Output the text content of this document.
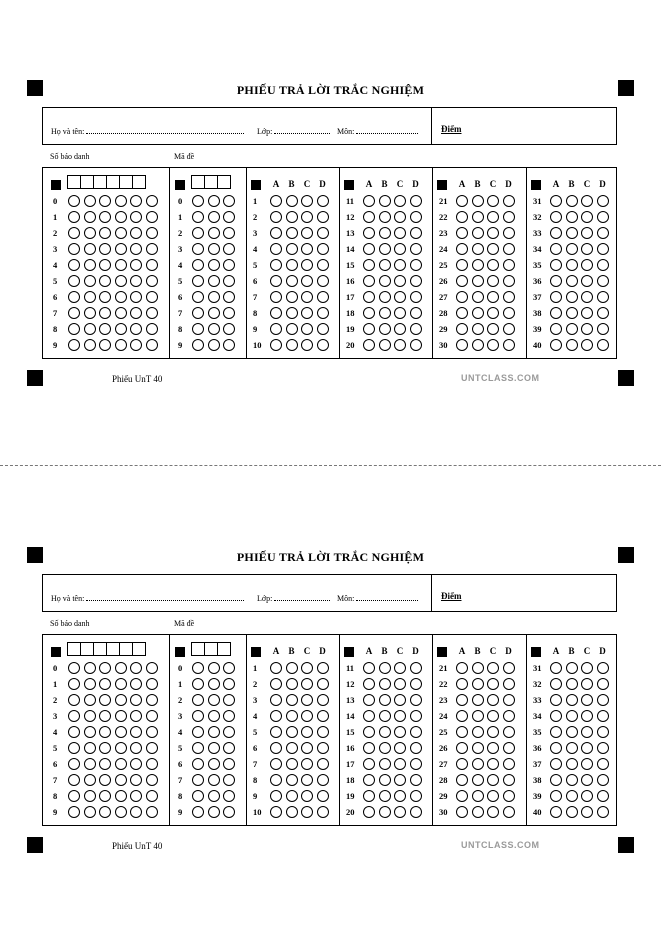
PHIẾU TRẢ LỜI TRẮC NGHIỆM
Họ và tên:	Lớp:	Môn:	Điểm
Số báo danh	Mã đề
0	0
1	1
2	2
3	3
4	4
5	5
6	6
7	7
8	8
9	9
A	B	C	D
1
2
3
4
5
6
7
8
9
10
A	B	C	D
11
12
13
14
15
16
17
18
19
20
A	B	C	D
21
22
23
24
25
26
27
28
29
30
A	B	C	D
31
32
33
34
35
36
37
38
39
40
Phiếu UnT 40	UNTCLASS.COM
PHIẾU TRẢ LỜI TRẮC NGHIỆM
Họ và tên:	Lớp:	Môn:	Điểm
Số báo danh	Mã đề
0	0
1	1
2	2
3	3
4	4
5	5
6	6
7	7
8	8
9	9
A	B	C	D
1
2
3
4
5
6
7
8
9
10
A	B	C	D
11
12
13
14
15
16
17
18
19
20
A	B	C	D
21
22
23
24
25
26
27
28
29
30
A	B	C	D
31
32
33
34
35
36
37
38
39
40
Phiếu UnT 40	UNTCLASS.COM
